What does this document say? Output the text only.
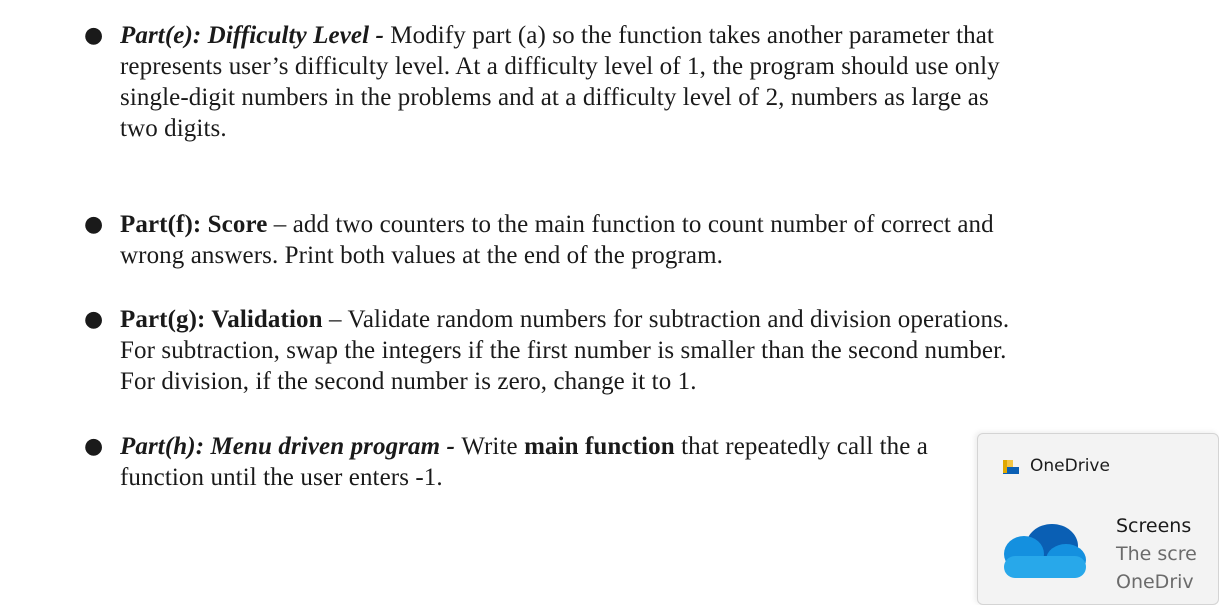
● Part(e): Difficulty Level - Modify part (a) so the function takes another parameter that
represents user’s difficulty level. At a difficulty level of 1, the program should use only
single-digit numbers in the problems and at a difficulty level of 2, numbers as large as
two digits.
● Part(f): Score – add two counters to the main function to count number of correct and
wrong answers. Print both values at the end of the program.
● Part(g): Validation – Validate random numbers for subtraction and division operations.
For subtraction, swap the integers if the first number is smaller than the second number.
For division, if the second number is zero, change it to 1.
● Part(h): Menu driven program - Write main function that repeatedly call the a
function until the user enters -1.	OneDrive
Screens
The scre
OneDriv
